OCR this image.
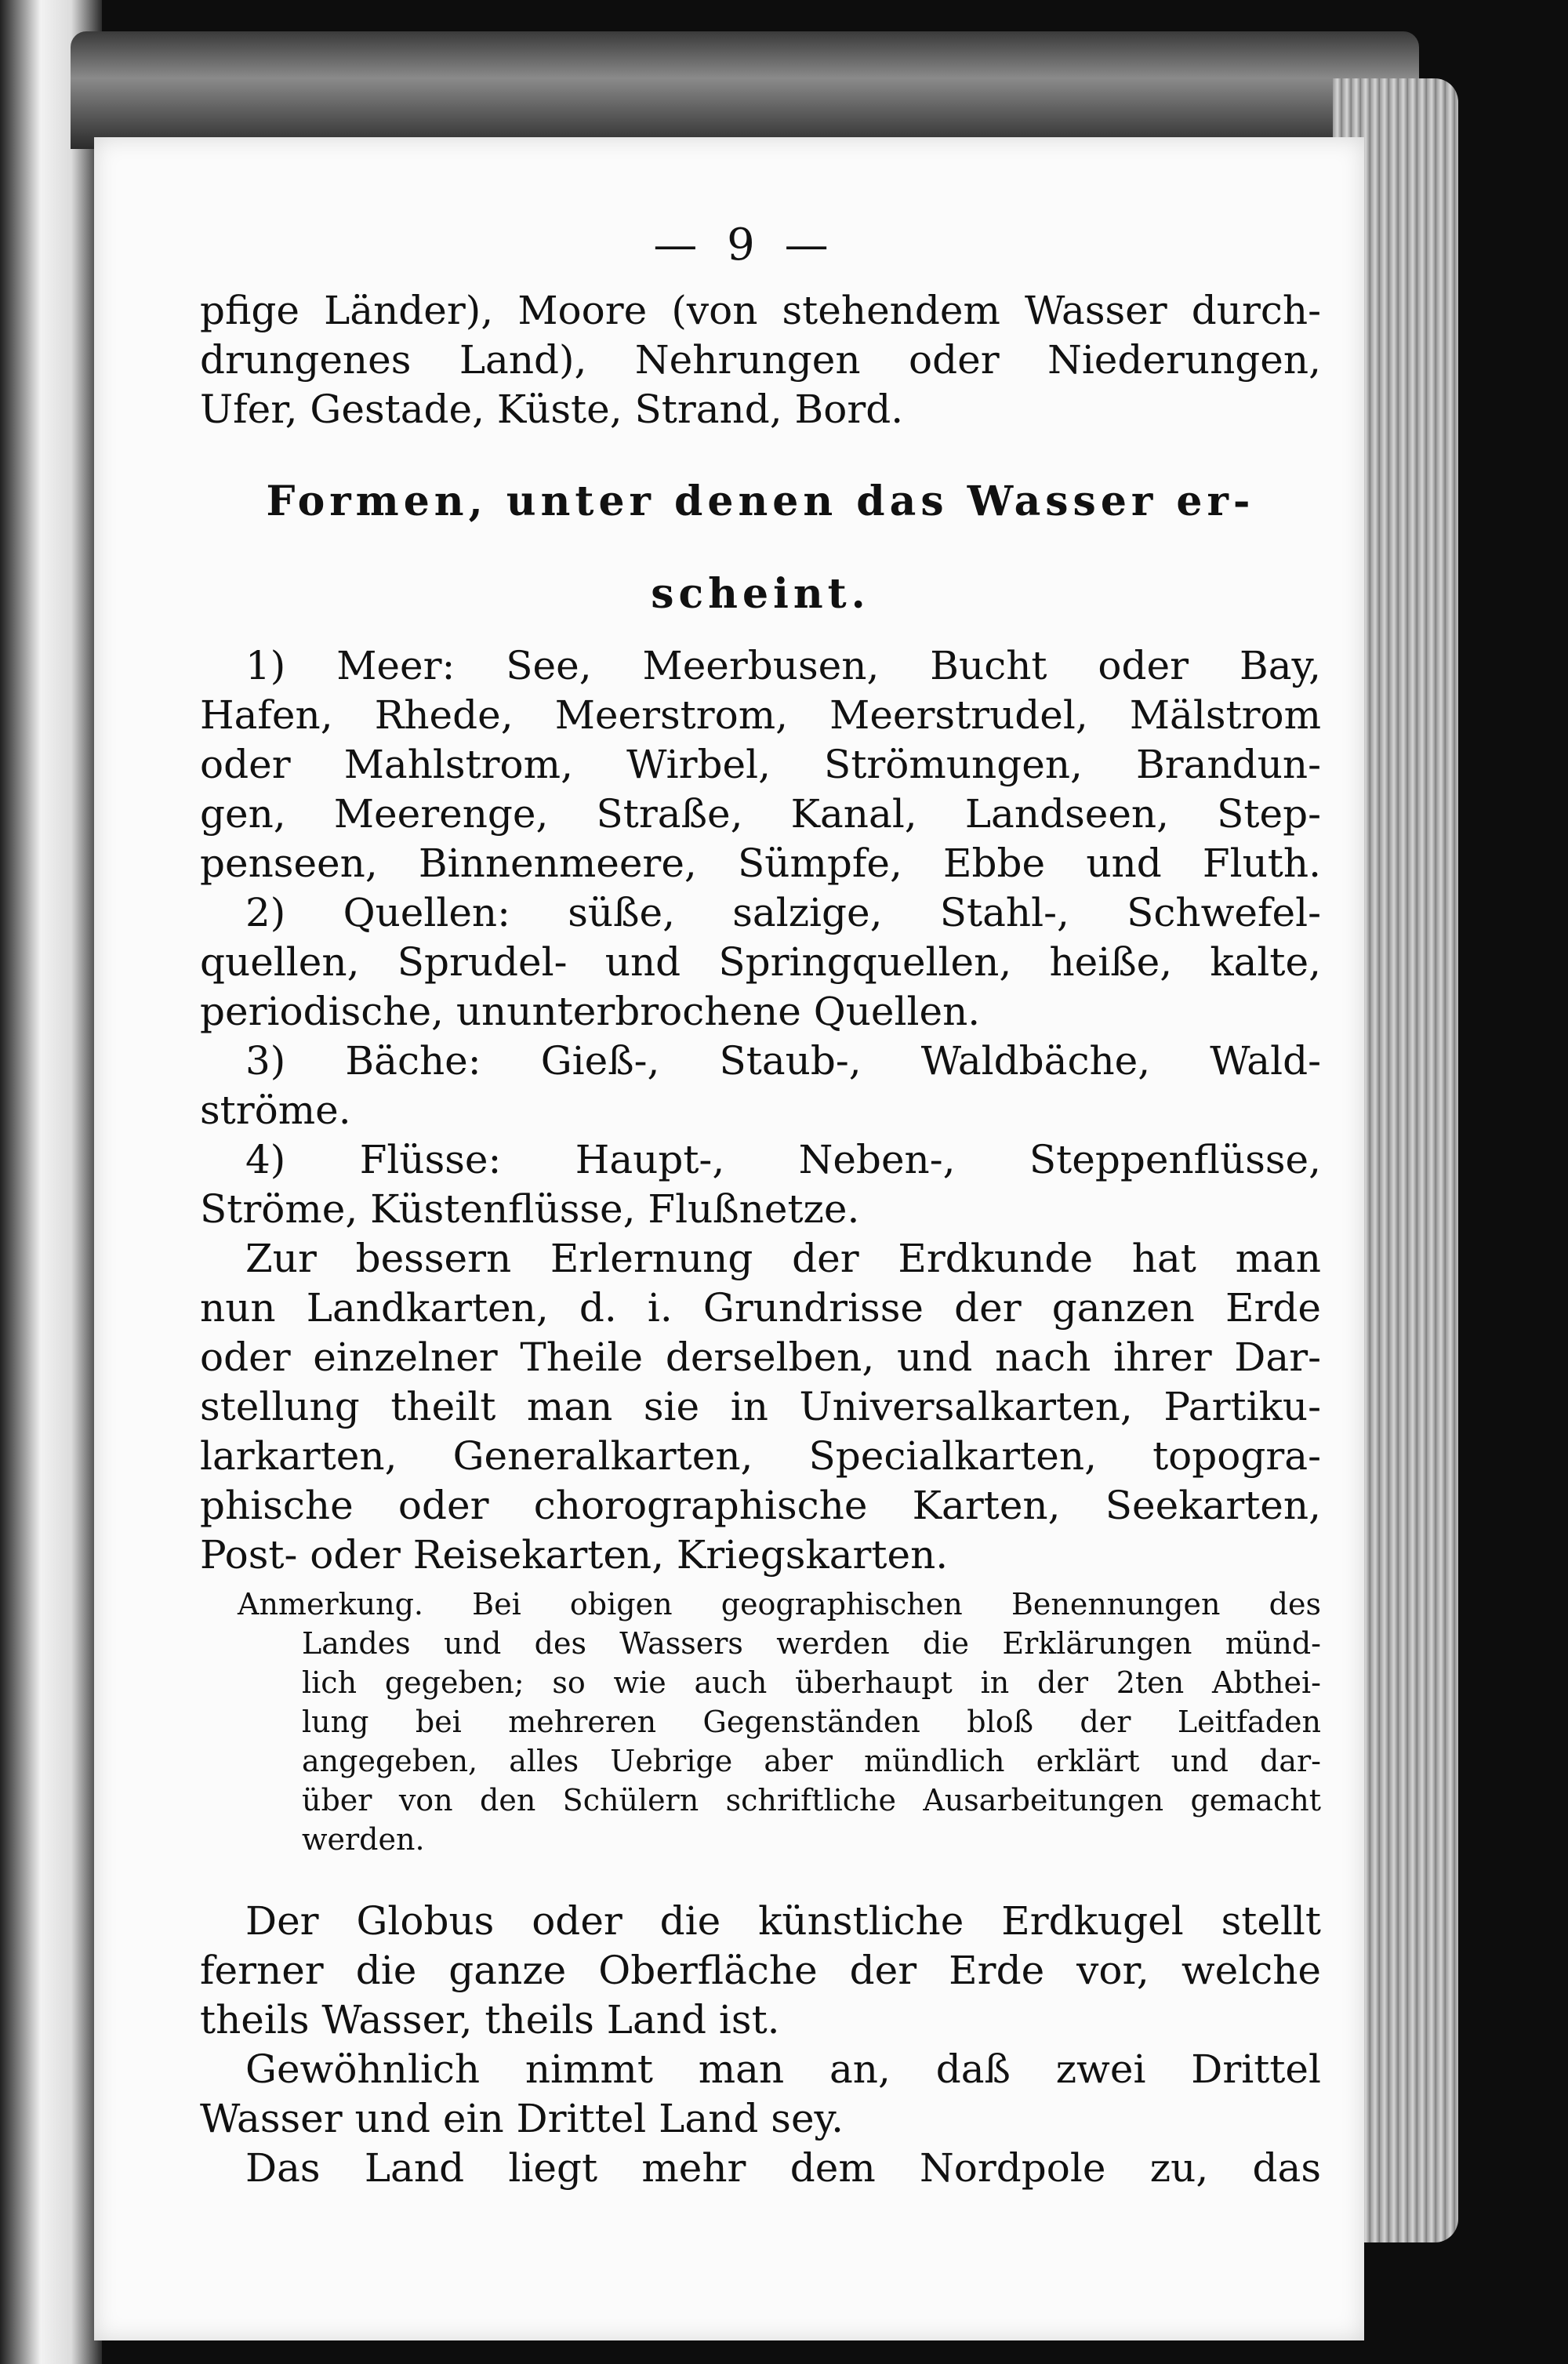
— 9 —
pfige Länder), Moore (von stehendem Wasser durch-
drungenes Land), Nehrungen oder Niederungen,
Ufer, Gestade, Küste, Strand, Bord.
Formen, unter denen das Wasser er-
scheint.
1) Meer: See, Meerbusen, Bucht oder Bay,
Hafen, Rhede, Meerstrom, Meerstrudel, Mälstrom
oder Mahlstrom, Wirbel, Strömungen, Brandun-
gen, Meerenge, Straße, Kanal, Landseen, Step-
penseen, Binnenmeere, Sümpfe, Ebbe und Fluth.
2) Quellen: süße, salzige, Stahl-, Schwefel-
quellen, Sprudel- und Springquellen, heiße, kalte,
periodische, ununterbrochene Quellen.
3) Bäche: Gieß-, Staub-, Waldbäche, Wald-
ströme.
4) Flüsse: Haupt-, Neben-, Steppenflüsse,
Ströme, Küstenflüsse, Flußnetze.
Zur bessern Erlernung der Erdkunde hat man
nun Landkarten, d. i. Grundrisse der ganzen Erde
oder einzelner Theile derselben, und nach ihrer Dar-
stellung theilt man sie in Universalkarten, Partiku-
larkarten, Generalkarten, Specialkarten, topogra-
phische oder chorographische Karten, Seekarten,
Post- oder Reisekarten, Kriegskarten.
Anmerkung. Bei obigen geographischen Benennungen des
Landes und des Wassers werden die Erklärungen münd-
lich gegeben; so wie auch überhaupt in der 2ten Abthei-
lung bei mehreren Gegenständen bloß der Leitfaden
angegeben, alles Uebrige aber mündlich erklärt und dar-
über von den Schülern schriftliche Ausarbeitungen gemacht
werden.
Der Globus oder die künstliche Erdkugel stellt
ferner die ganze Oberfläche der Erde vor, welche
theils Wasser, theils Land ist.
Gewöhnlich nimmt man an, daß zwei Drittel
Wasser und ein Drittel Land sey.
Das Land liegt mehr dem Nordpole zu, das
